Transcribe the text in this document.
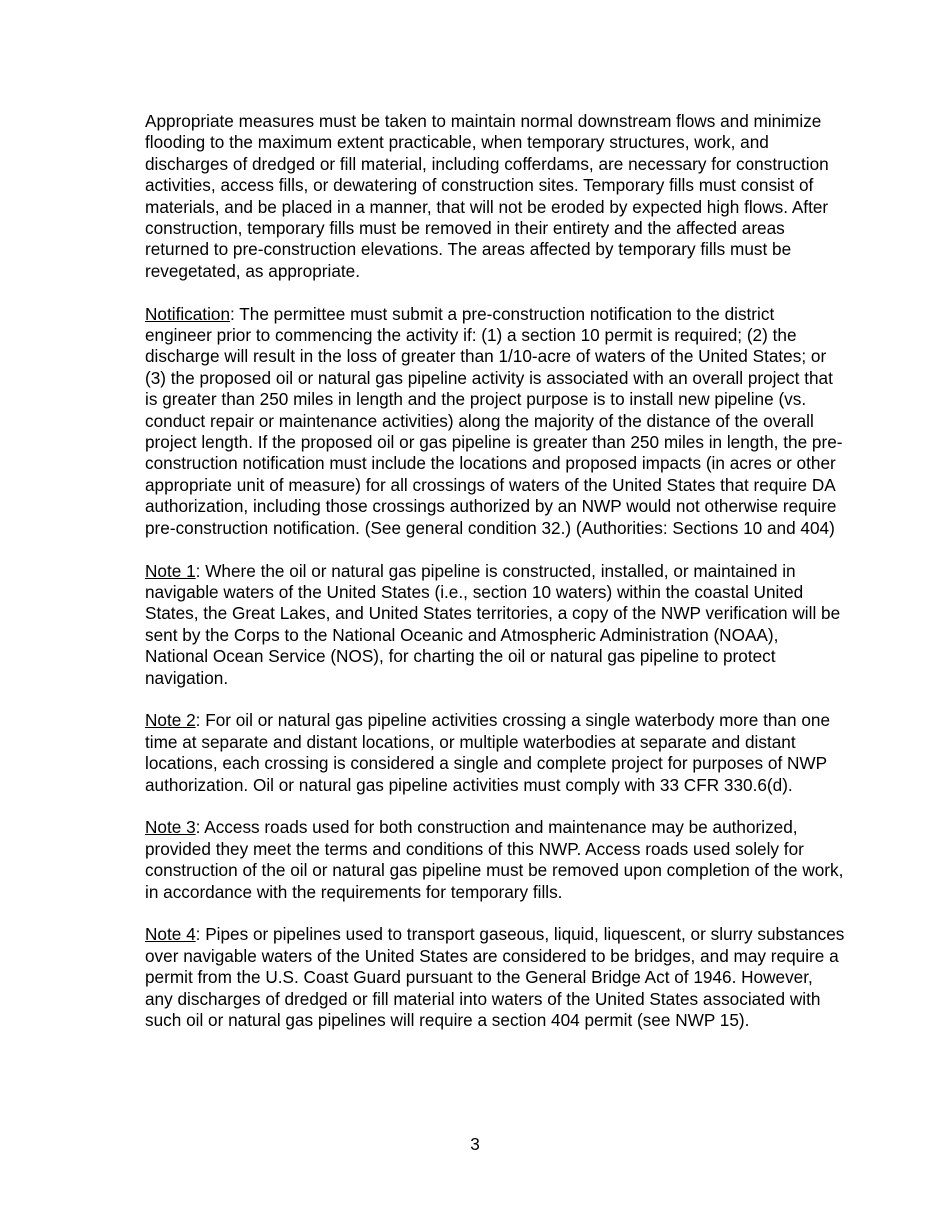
Appropriate measures must be taken to maintain normal downstream flows and minimize flooding to the maximum extent practicable, when temporary structures, work, and discharges of dredged or fill material, including cofferdams, are necessary for construction activities, access fills, or dewatering of construction sites. Temporary fills must consist of materials, and be placed in a manner, that will not be eroded by expected high flows. After construction, temporary fills must be removed in their entirety and the affected areas returned to pre-construction elevations. The areas affected by temporary fills must be revegetated, as appropriate.

Notification: The permittee must submit a pre-construction notification to the district engineer prior to commencing the activity if: (1) a section 10 permit is required; (2) the discharge will result in the loss of greater than 1/10-acre of waters of the United States; or (3) the proposed oil or natural gas pipeline activity is associated with an overall project that is greater than 250 miles in length and the project purpose is to install new pipeline (vs. conduct repair or maintenance activities) along the majority of the distance of the overall project length. If the proposed oil or gas pipeline is greater than 250 miles in length, the pre-construction notification must include the locations and proposed impacts (in acres or other appropriate unit of measure) for all crossings of waters of the United States that require DA authorization, including those crossings authorized by an NWP would not otherwise require pre-construction notification. (See general condition 32.) (Authorities: Sections 10 and 404)

Note 1: Where the oil or natural gas pipeline is constructed, installed, or maintained in navigable waters of the United States (i.e., section 10 waters) within the coastal United States, the Great Lakes, and United States territories, a copy of the NWP verification will be sent by the Corps to the National Oceanic and Atmospheric Administration (NOAA), National Ocean Service (NOS), for charting the oil or natural gas pipeline to protect navigation.

Note 2: For oil or natural gas pipeline activities crossing a single waterbody more than one time at separate and distant locations, or multiple waterbodies at separate and distant locations, each crossing is considered a single and complete project for purposes of NWP authorization. Oil or natural gas pipeline activities must comply with 33 CFR 330.6(d).

Note 3: Access roads used for both construction and maintenance may be authorized, provided they meet the terms and conditions of this NWP. Access roads used solely for construction of the oil or natural gas pipeline must be removed upon completion of the work, in accordance with the requirements for temporary fills.

Note 4: Pipes or pipelines used to transport gaseous, liquid, liquescent, or slurry substances over navigable waters of the United States are considered to be bridges, and may require a permit from the U.S. Coast Guard pursuant to the General Bridge Act of 1946. However, any discharges of dredged or fill material into waters of the United States associated with such oil or natural gas pipelines will require a section 404 permit (see NWP 15).

3
